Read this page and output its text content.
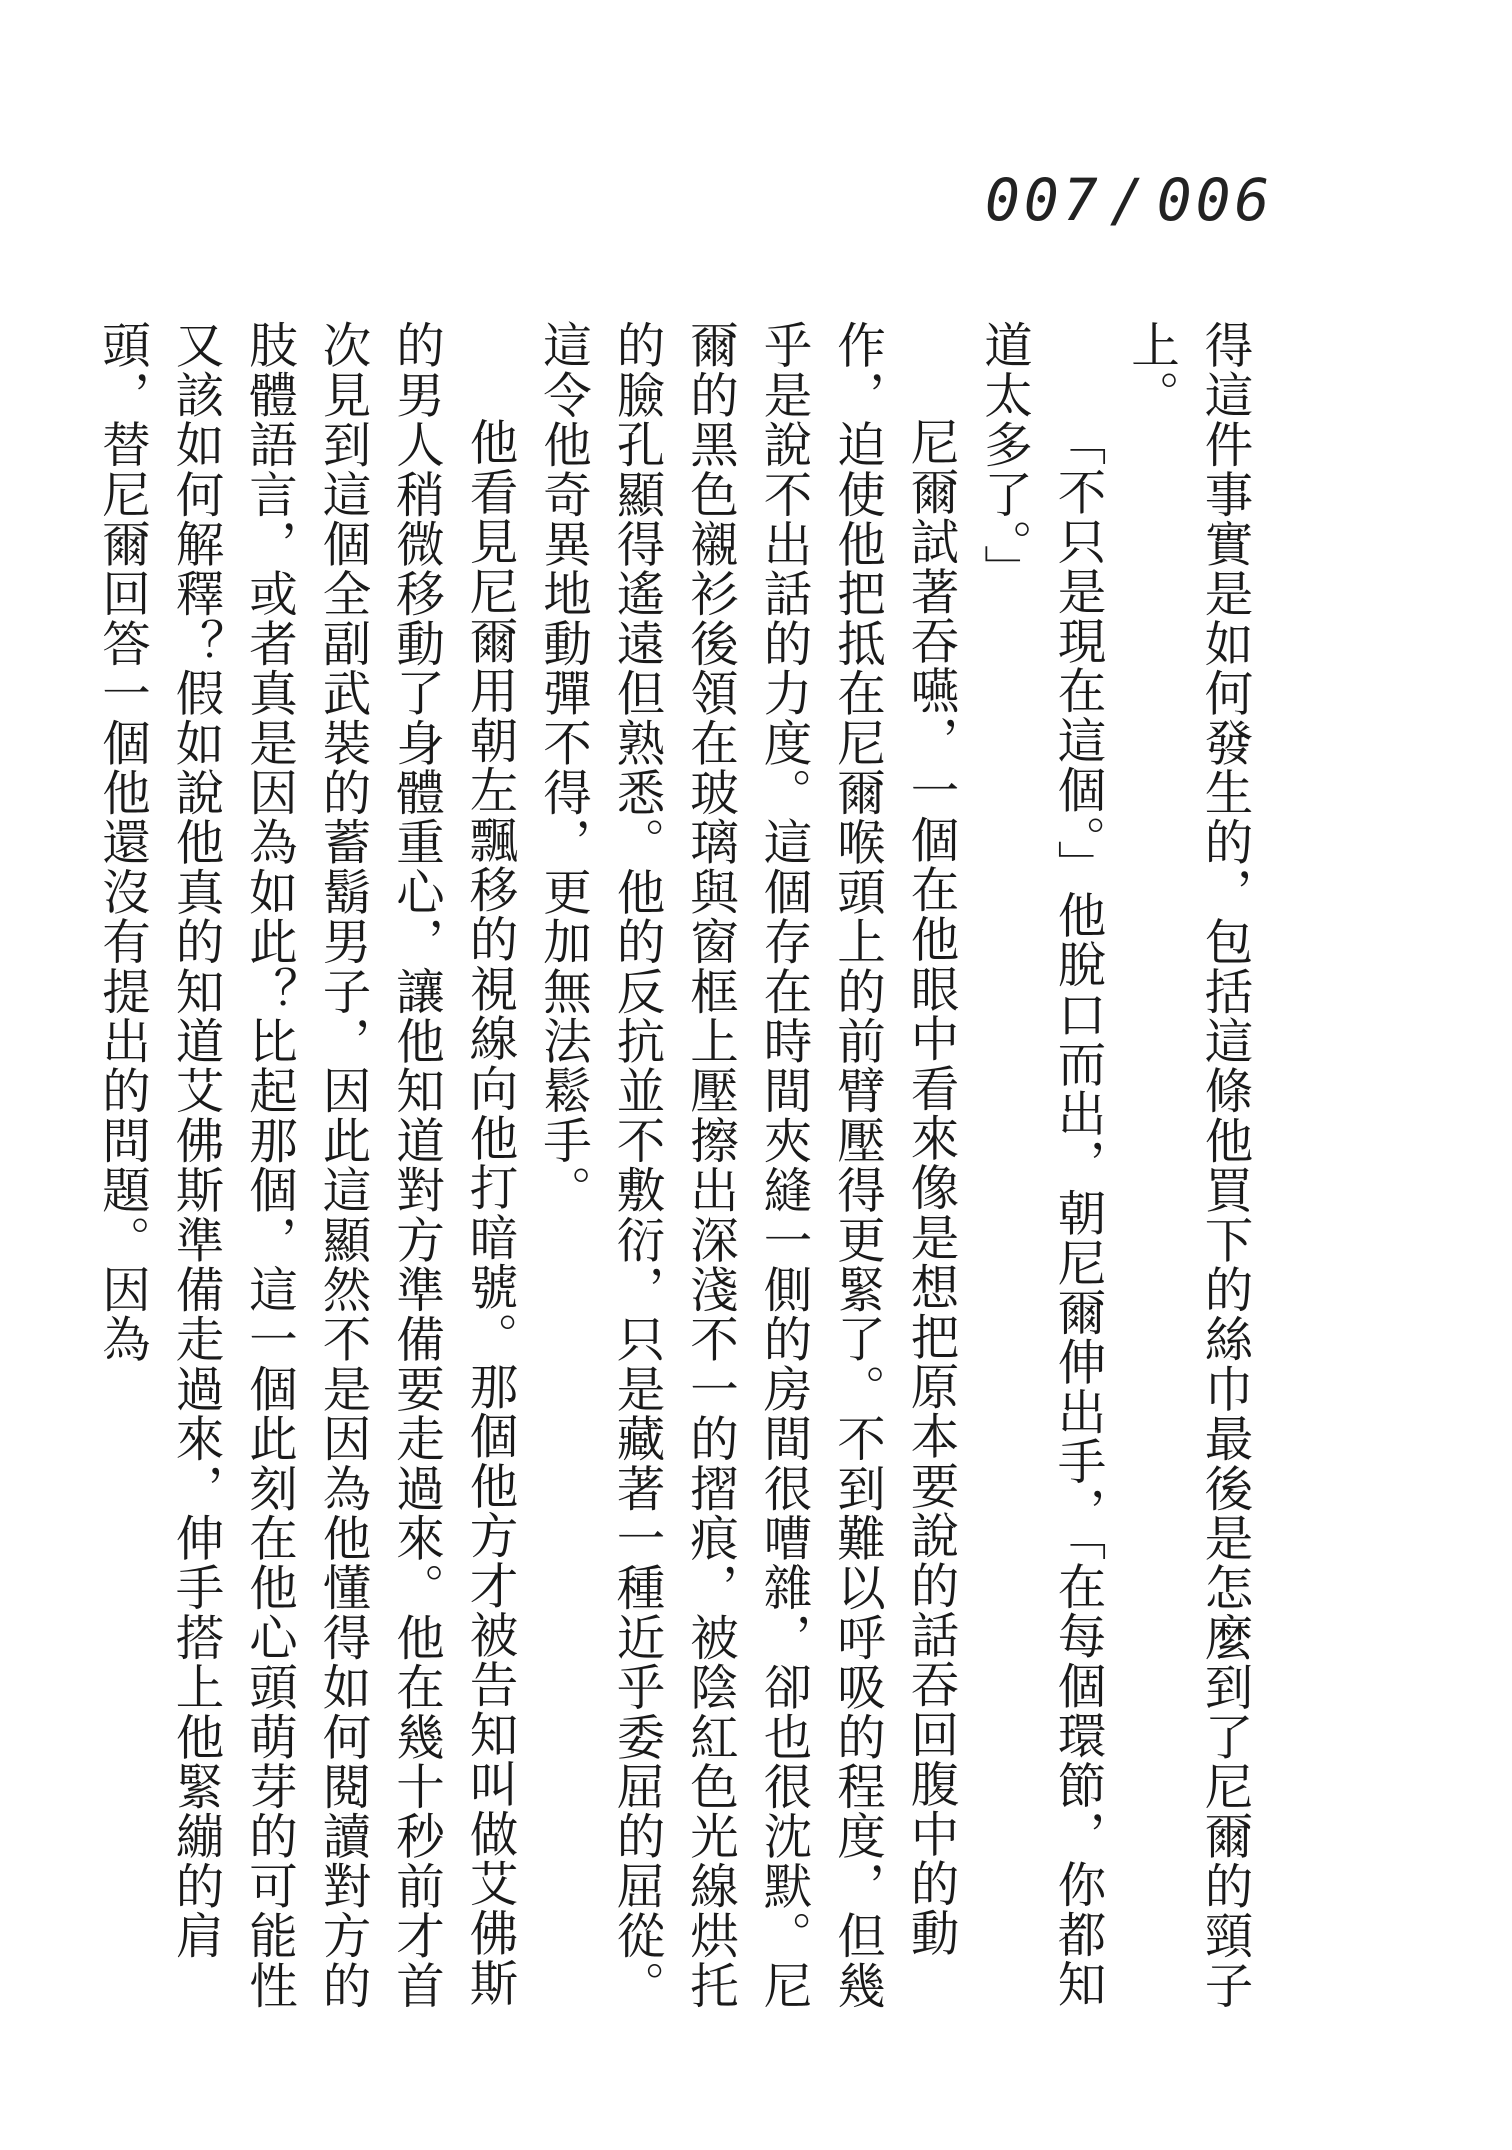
007 / 006

得這件事實是如何發生的，包括這條他買下的絲巾最後是怎麼到了尼爾的頸子上。

「不只是現在這個。」他脫口而出，朝尼爾伸出手，「在每個環節，你都知道太多了。」

尼爾試著吞嚥，一個在他眼中看來像是想把原本要說的話吞回腹中的動作，迫使他把抵在尼爾喉頭上的前臂壓得更緊了。不到難以呼吸的程度，但幾乎是說不出話的力度。這個存在時間夾縫一側的房間很嘈雜，卻也很沈默。尼爾的黑色襯衫後領在玻璃與窗框上壓擦出深淺不一的摺痕，被陰紅色光線烘托的臉孔顯得遙遠但熟悉。他的反抗並不敷衍，只是藏著一種近乎委屈的屈從。這令他奇異地動彈不得，更加無法鬆手。

他看見尼爾用朝左飄移的視線向他打暗號。那個他方才被告知叫做艾佛斯的男人稍微移動了身體重心，讓他知道對方準備要走過來。他在幾十秒前才首次見到這個全副武裝的蓄鬍男子，因此這顯然不是因為他懂得如何閱讀對方的肢體語言，或者真是因為如此？比起那個，這一個此刻在他心頭萌芽的可能性又該如何解釋？假如說他真的知道艾佛斯準備走過來，伸手搭上他緊繃的肩頭，替尼爾回答一個他還沒有提出的問題。因為
